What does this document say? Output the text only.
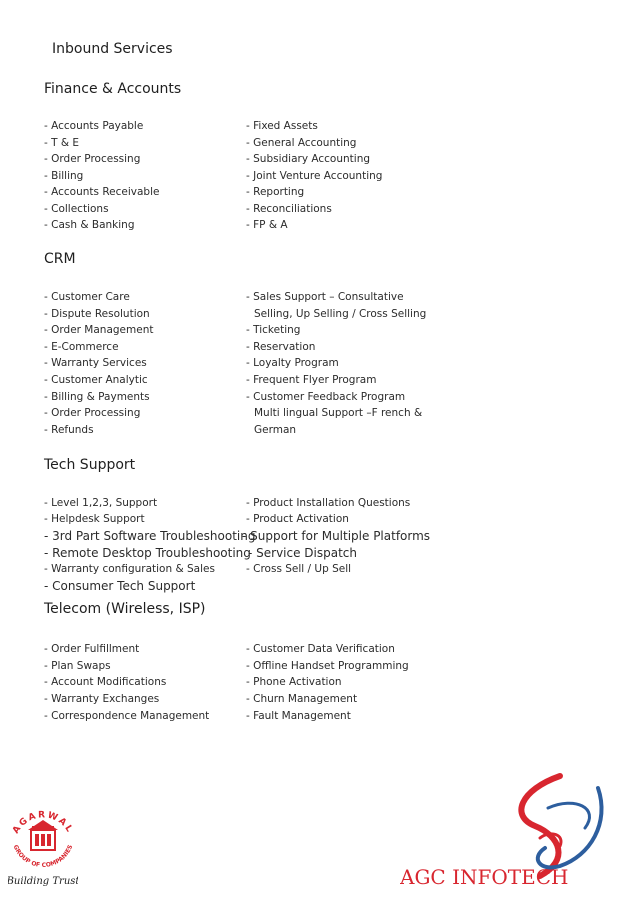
Inbound Services
Finance & Accounts
- Accounts Payable
- T & E
- Order Processing
- Billing
- Accounts Receivable
- Collections
- Cash & Banking
- Fixed Assets
- General Accounting
- Subsidiary Accounting
- Joint Venture Accounting
- Reporting
- Reconciliations
- FP & A
CRM
- Customer Care
- Dispute Resolution
- Order Management
- E-Commerce
- Warranty Services
- Customer Analytic
- Billing & Payments
- Order Processing
- Refunds
- Sales Support – Consultative
Selling, Up Selling / Cross Selling
- Ticketing
- Reservation
- Loyalty Program
- Frequent Flyer Program
- Customer Feedback Program
Multi lingual Support –F rench &
German
Tech Support
- Level 1,2,3, Support
- Helpdesk Support
- 3rd Part Software Troubleshooting
- Remote Desktop Troubleshooting
- Warranty configuration & Sales
- Consumer Tech Support
- Product Installation Questions
- Product Activation
- Support for Multiple Platforms
- Service Dispatch
- Cross Sell / Up Sell
Telecom (Wireless, ISP)
- Order Fulfillment
- Plan Swaps
- Account Modifications
- Warranty Exchanges
- Correspondence Management
- Customer Data Verification
- Offline Handset Programming
- Phone Activation
- Churn Management
- Fault Management
AGARWAL
GROUP OF COMPANIES
Building Trust	AGC INFOTECH
